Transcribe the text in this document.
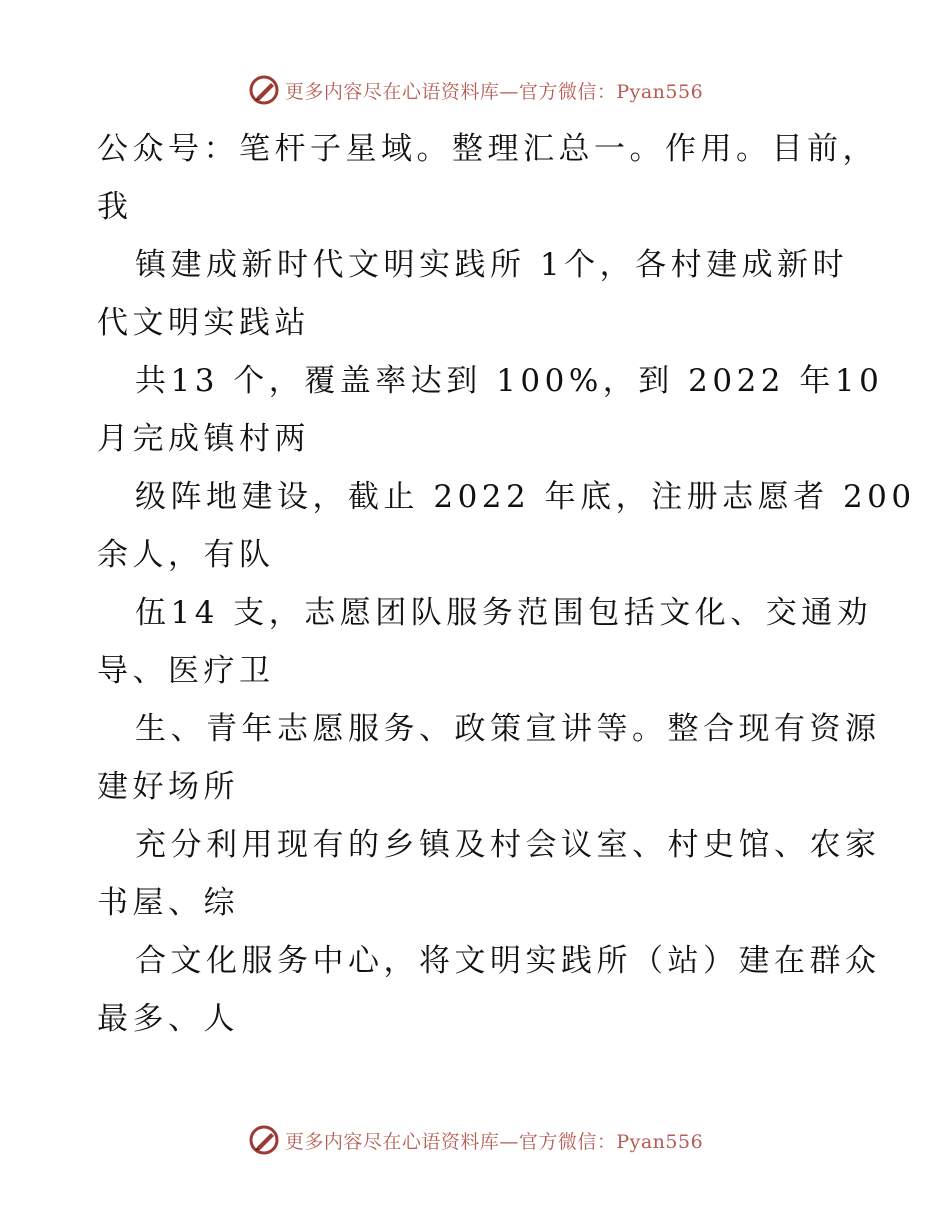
更多内容尽在心语资料库—官方微信：Pyan556
公众号：笔杆子星域。整理汇总一。作用。目前，
我
镇建成新时代文明实践所 1个，各村建成新时
代文明实践站
共13 个，覆盖率达到 100%，到 2022 年10
月完成镇村两
级阵地建设，截止 2022 年底，注册志愿者 200
余人，有队
伍14 支，志愿团队服务范围包括文化、交通劝
导、医疗卫
生、青年志愿服务、政策宣讲等。整合现有资源
建好场所
充分利用现有的乡镇及村会议室、村史馆、农家
书屋、综
合文化服务中心，将文明实践所（站）建在群众
最多、人
更多内容尽在心语资料库—官方微信：Pyan556
